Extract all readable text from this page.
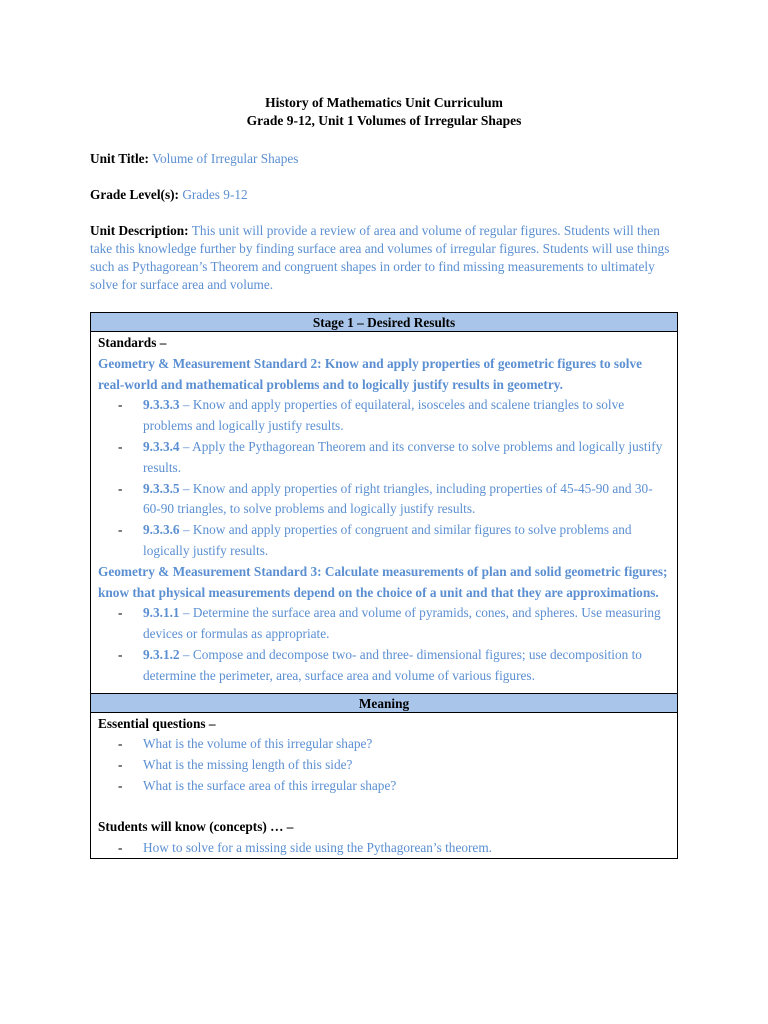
History of Mathematics Unit Curriculum
Grade 9-12, Unit 1 Volumes of Irregular Shapes
Unit Title: Volume of Irregular Shapes
Grade Level(s): Grades 9-12
Unit Description: This unit will provide a review of area and volume of regular figures. Students will then take this knowledge further by finding surface area and volumes of irregular figures. Students will use things such as Pythagorean’s Theorem and congruent shapes in order to find missing measurements to ultimately solve for surface area and volume.
Stage 1 – Desired Results

Standards –
Geometry & Measurement Standard 2: Know and apply properties of geometric figures to solve real-world and mathematical problems and to logically justify results in geometry.
- 9.3.3.3 – Know and apply properties of equilateral, isosceles and scalene triangles to solve problems and logically justify results.
- 9.3.3.4 – Apply the Pythagorean Theorem and its converse to solve problems and logically justify results.
- 9.3.3.5 – Know and apply properties of right triangles, including properties of 45-45-90 and 30-60-90 triangles, to solve problems and logically justify results.
- 9.3.3.6 – Know and apply properties of congruent and similar figures to solve problems and logically justify results.
Geometry & Measurement Standard 3: Calculate measurements of plan and solid geometric figures; know that physical measurements depend on the choice of a unit and that they are approximations.
- 9.3.1.1 – Determine the surface area and volume of pyramids, cones, and spheres. Use measuring devices or formulas as appropriate.
- 9.3.1.2 – Compose and decompose two- and three- dimensional figures; use decomposition to determine the perimeter, area, surface area and volume of various figures.

Meaning

Essential questions –
- What is the volume of this irregular shape?
- What is the missing length of this side?
- What is the surface area of this irregular shape?
Students will know (concepts) … –
- How to solve for a missing side using the Pythagorean’s theorem.
